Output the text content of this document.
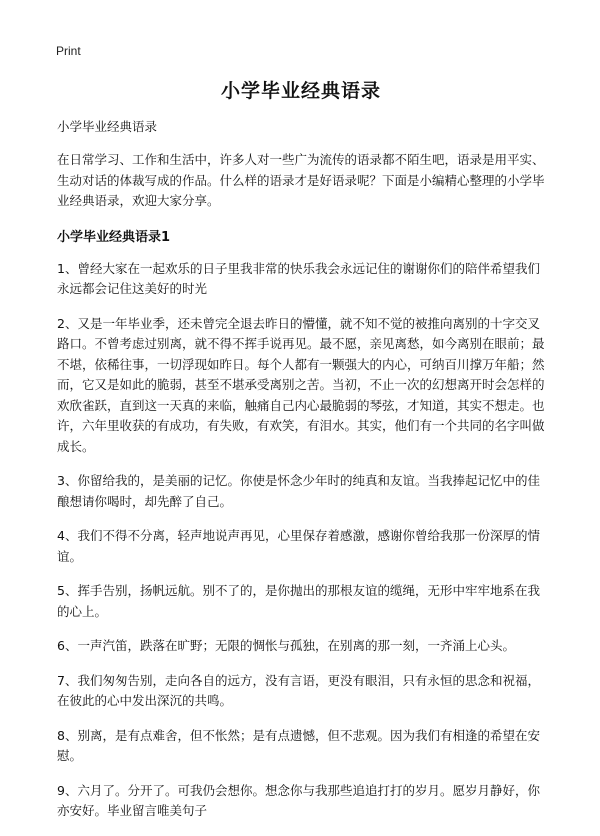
Print
小学毕业经典语录
小学毕业经典语录
在日常学习、工作和生活中，许多人对一些广为流传的语录都不陌生吧，语录是用平实、生动对话的体裁写成的作品。什么样的语录才是好语录呢？下面是小编精心整理的小学毕业经典语录，欢迎大家分享。
小学毕业经典语录1
1、曾经大家在一起欢乐的日子里我非常的快乐我会永远记住的谢谢你们的陪伴希望我们永远都会记住这美好的时光
2、又是一年毕业季，还未曾完全退去昨日的懵懂，就不知不觉的被推向离别的十字交叉路口。不曾考虑过别离，就不得不挥手说再见。最不愿，亲见离愁，如今离别在眼前；最不堪，依稀往事，一切浮现如昨日。每个人都有一颗强大的内心，可纳百川撑万年船；然而，它又是如此的脆弱，甚至不堪承受离别之苦。当初，不止一次的幻想离开时会怎样的欢欣雀跃，直到这一天真的来临，触痛自己内心最脆弱的琴弦，才知道，其实不想走。也许，六年里收获的有成功，有失败，有欢笑，有泪水。其实，他们有一个共同的名字叫做成长。
3、你留给我的，是美丽的记忆。你使是怀念少年时的纯真和友谊。当我捧起记忆中的佳酿想请你喝时，却先醉了自己。
4、我们不得不分离，轻声地说声再见，心里保存着感激，感谢你曾给我那一份深厚的情谊。
5、挥手告别，扬帆远航。别不了的，是你抛出的那根友谊的缆绳，无形中牢牢地系在我的心上。
6、一声汽笛，跌落在旷野；无限的惆怅与孤独，在别离的那一刻，一齐涌上心头。
7、我们匆匆告别，走向各自的远方，没有言语，更没有眼泪，只有永恒的思念和祝福，在彼此的心中发出深沉的共鸣。
8、别离，是有点难舍，但不怅然；是有点遗憾，但不悲观。因为我们有相逢的希望在安慰。
9、六月了。分开了。可我仍会想你。想念你与我那些追追打打的岁月。愿岁月静好，你亦安好。毕业留言唯美句子
